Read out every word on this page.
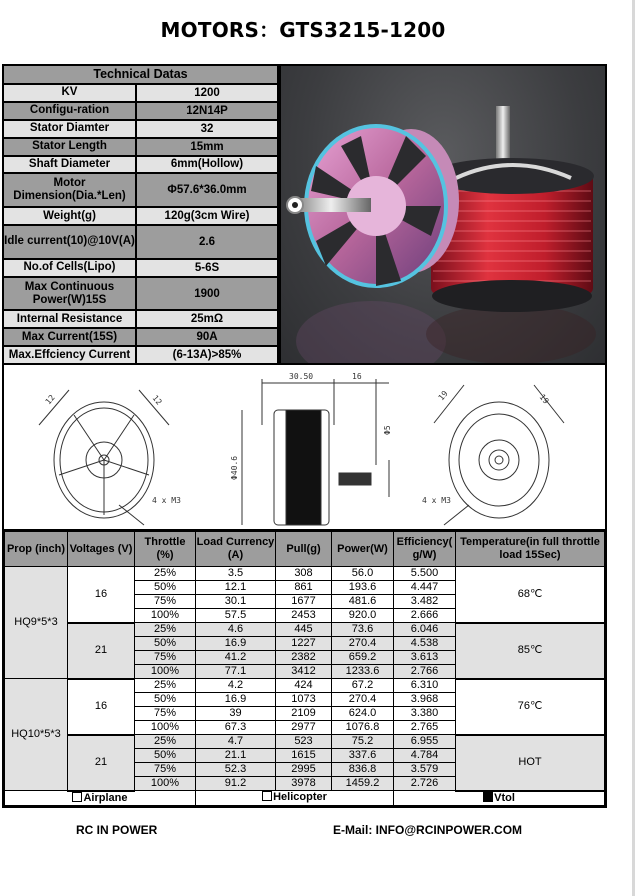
MOTORS：GTS3215-1200
Technical Datas
KV	1200
Configu-ration	12N14P
Stator Diamter	32
Stator Length	15mm
Shaft Diameter	6mm(Hollow)
Motor Dimension(Dia.*Len)	Φ57.6*36.0mm
Weight(g)	120g(3cm Wire)
Idle current(10)@10V(A)	2.6
No.of Cells(Lipo)	5-6S
Max Continuous Power(W)15S	1900
Internal Resistance	25mΩ
Max Current(15S)	90A
Max.Effciency Current	(6-13A)>85%
12	12
4 x M3
30.50	16
Φ40.6
Φ5
19	19
4 x M3
Prop (inch)	Voltages (V)	Throttle (%)	Load Currency (A)	Pull(g)	Power(W)	Efficiency( g/W)	Temperature(in full throttle load 15Sec)
HQ9*5*3	16	25%	3.5	308	56.0	5.500	68℃
		50%	12.1	861	193.6	4.447	
		75%	30.1	1677	481.6	3.482	
		100%	57.5	2453	920.0	2.666	
	21	25%	4.6	445	73.6	6.046	85℃
		50%	16.9	1227	270.4	4.538	
		75%	41.2	2382	659.2	3.613	
		100%	77.1	3412	1233.6	2.766	
HQ10*5*3	16	25%	4.2	424	67.2	6.310	76℃
		50%	16.9	1073	270.4	3.968	
		75%	39	2109	624.0	3.380	
		100%	67.3	2977	1076.8	2.765	
	21	25%	4.7	523	75.2	6.955	HOT
		50%	21.1	1615	337.6	4.784	
		75%	52.3	2995	836.8	3.579	
		100%	91.2	3978	1459.2	2.726	
Airplane			Helicopter			Vtol	
RC IN POWER	E-Mail: INFO@RCINPOWER.COM
